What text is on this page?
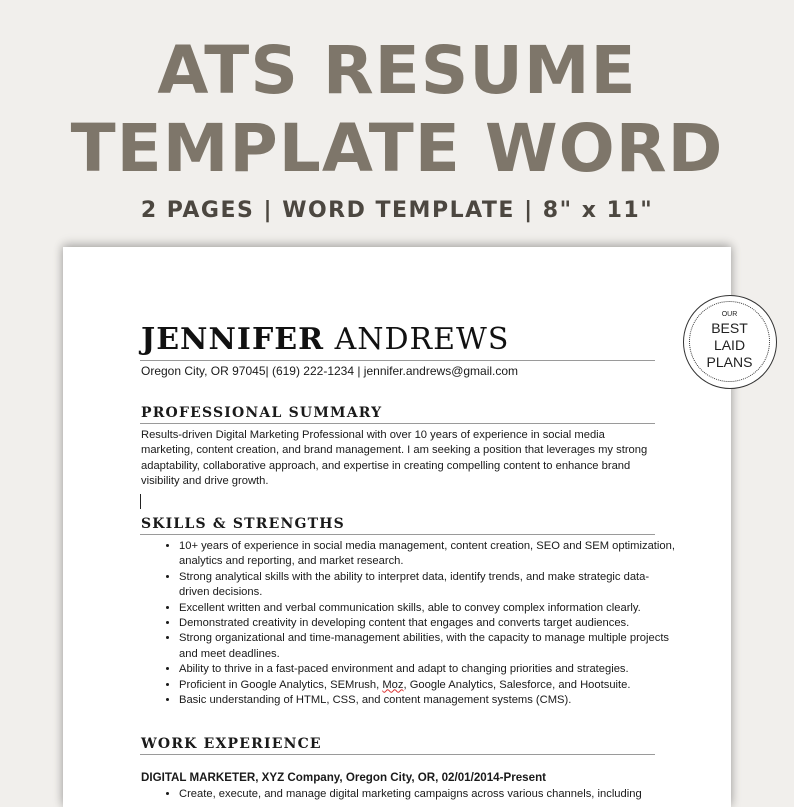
ATS RESUME
TEMPLATE WORD
2 PAGES | WORD TEMPLATE | 8" x 11"
JENNIFER ANDREWS
Oregon City, OR 97045| (619) 222-1234 | jennifer.andrews@gmail.com
PROFESSIONAL SUMMARY
Results-driven Digital Marketing Professional with over 10 years of experience in social media marketing, content creation, and brand management. I am seeking a position that leverages my strong adaptability, collaborative approach, and expertise in creating compelling content to enhance brand visibility and drive growth.
SKILLS & STRENGTHS
• 10+ years of experience in social media management, content creation, SEO and SEM optimization, analytics and reporting, and market research.
• Strong analytical skills with the ability to interpret data, identify trends, and make strategic data-driven decisions.
• Excellent written and verbal communication skills, able to convey complex information clearly.
• Demonstrated creativity in developing content that engages and converts target audiences.
• Strong organizational and time-management abilities, with the capacity to manage multiple projects and meet deadlines.
• Ability to thrive in a fast-paced environment and adapt to changing priorities and strategies.
• Proficient in Google Analytics, SEMrush, Moz, Google Analytics, Salesforce, and Hootsuite.
• Basic understanding of HTML, CSS, and content management systems (CMS).
WORK EXPERIENCE
DIGITAL MARKETER, XYZ Company, Oregon City, OR, 02/01/2014-Present
• Create, execute, and manage digital marketing campaigns across various channels, including
OUR
BEST
LAID
PLANS
